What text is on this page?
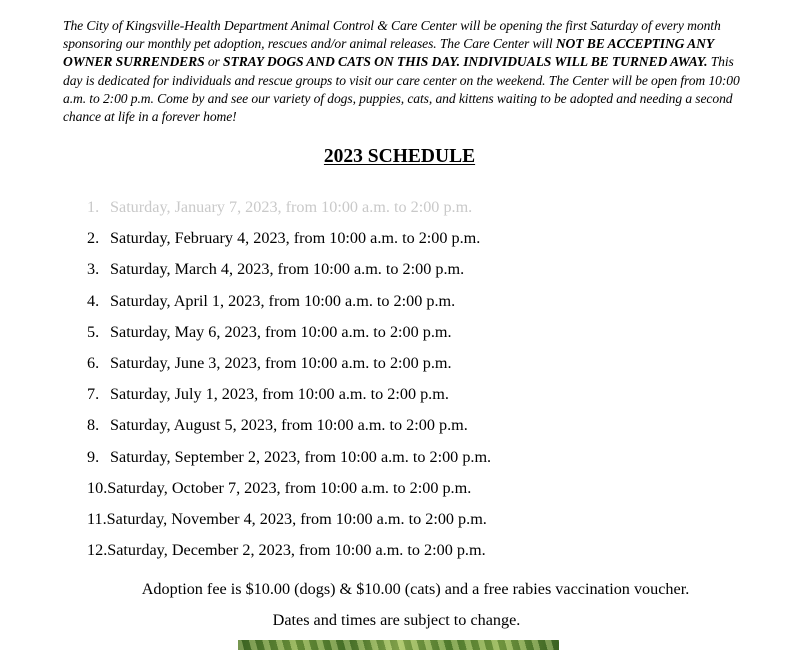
The City of Kingsville-Health Department Animal Control & Care Center will be opening the first Saturday of every month sponsoring our monthly pet adoption, rescues and/or animal releases. The Care Center will NOT BE ACCEPTING ANY OWNER SURRENDERS or STRAY DOGS AND CATS ON THIS DAY. INDIVIDUALS WILL BE TURNED AWAY. This day is dedicated for individuals and rescue groups to visit our care center on the weekend. The Center will be open from 10:00 a.m. to 2:00 p.m. Come by and see our variety of dogs, puppies, cats, and kittens waiting to be adopted and needing a second chance at life in a forever home!
2023 SCHEDULE
1. Saturday, January 7, 2023, from 10:00 a.m. to 2:00 p.m.
2. Saturday, February 4, 2023, from 10:00 a.m. to 2:00 p.m.
3. Saturday, March 4, 2023, from 10:00 a.m. to 2:00 p.m.
4. Saturday, April 1, 2023, from 10:00 a.m. to 2:00 p.m.
5. Saturday, May 6, 2023, from 10:00 a.m. to 2:00 p.m.
6. Saturday, June 3, 2023, from 10:00 a.m. to 2:00 p.m.
7. Saturday, July 1, 2023, from 10:00 a.m. to 2:00 p.m.
8. Saturday, August 5, 2023, from 10:00 a.m. to 2:00 p.m.
9. Saturday, September 2, 2023, from 10:00 a.m. to 2:00 p.m.
10.Saturday, October 7, 2023, from 10:00 a.m. to 2:00 p.m.
11.Saturday, November 4, 2023, from 10:00 a.m. to 2:00 p.m.
12.Saturday, December 2, 2023, from 10:00 a.m. to 2:00 p.m.
Adoption fee is $10.00 (dogs) & $10.00 (cats) and a free rabies vaccination voucher.
Dates and times are subject to change.
